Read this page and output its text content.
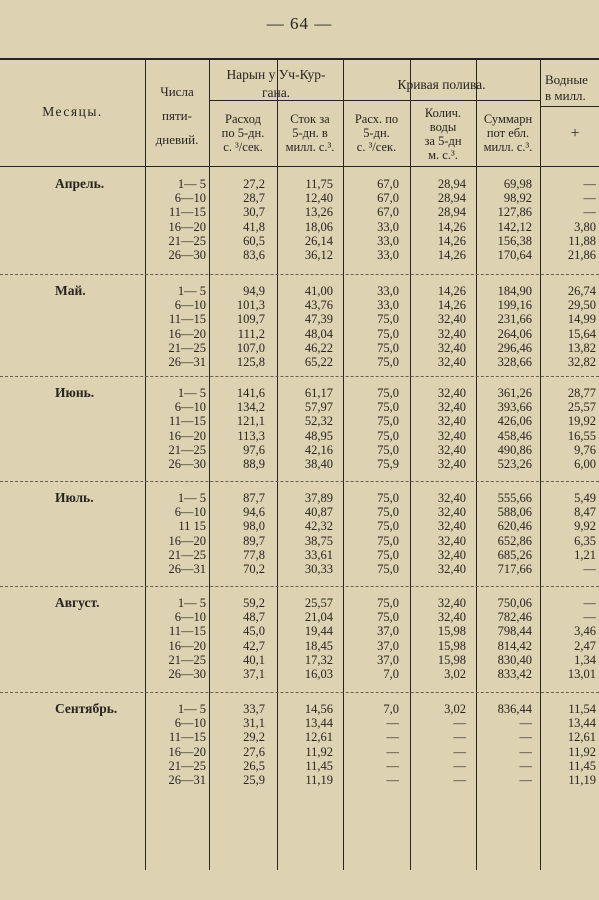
— 64 —
Месяцы.
Числа
пяти-
дневий.
Нарын у Уч-Кур-
гана.
Расход
по 5-дн.
с. ³/сек.
Сток за
5-дн. в
милл. с.³.
Кривая полива.
Расх. по
5-дн.
с. ³/сек.
Колич.
воды
за 5-дн
м. с.³.
Суммарн
пот ебл.
милл. с.³.
Водные
в милл.
+
Апрель.	1— 5	27,2	11,75	67,0	28,94	69,98	—
6—10	28,7	12,40	67,0	28,94	98,92	—
11—15	30,7	13,26	67,0	28,94	127,86	—
16—20	41,8	18,06	33,0	14,26	142,12	3,80
21—25	60,5	26,14	33,0	14,26	156,38	11,88
26—30	83,6	36,12	33,0	14,26	170,64	21,86
Май.	1— 5	94,9	41,00	33,0	14,26	184,90	26,74
6—10	101,3	43,76	33,0	14,26	199,16	29,50
11—15	109,7	47,39	75,0	32,40	231,66	14,99
16—20	111,2	48,04	75,0	32,40	264,06	15,64
21—25	107,0	46,22	75,0	32,40	296,46	13,82
26—31	125,8	65,22	75,0	32,40	328,66	32,82
Июнь.	1— 5	141,6	61,17	75,0	32,40	361,26	28,77
6—10	134,2	57,97	75,0	32,40	393,66	25,57
11—15	121,1	52,32	75,0	32,40	426,06	19,92
16—20	113,3	48,95	75,0	32,40	458,46	16,55
21—25	97,6	42,16	75,0	32,40	490,86	9,76
26—30	88,9	38,40	75,9	32,40	523,26	6,00
Июль.	1— 5	87,7	37,89	75,0	32,40	555,66	5,49
6—10	94,6	40,87	75,0	32,40	588,06	8,47
11 15	98,0	42,32	75,0	32,40	620,46	9,92
16—20	89,7	38,75	75,0	32,40	652,86	6,35
21—25	77,8	33,61	75,0	32,40	685,26	1,21
26—31	70,2	30,33	75,0	32,40	717,66	—
Август.	1— 5	59,2	25,57	75,0	32,40	750,06	—
6—10	48,7	21,04	75,0	32,40	782,46	—
11—15	45,0	19,44	37,0	15,98	798,44	3,46
16—20	42,7	18,45	37,0	15,98	814,42	2,47
21—25	40,1	17,32	37,0	15,98	830,40	1,34
26—30	37,1	16,03	7,0	3,02	833,42	13,01
Сентябрь.	1— 5	33,7	14,56	7,0	3,02	836,44	11,54
6—10	31,1	13,44	—	—	—	13,44
11—15	29,2	12,61	—	—	—	12,61
16—20	27,6	11,92	—	—	—	11,92
21—25	26,5	11,45	—	—	—	11,45
26—31	25,9	11,19	—	—	—	11,19
